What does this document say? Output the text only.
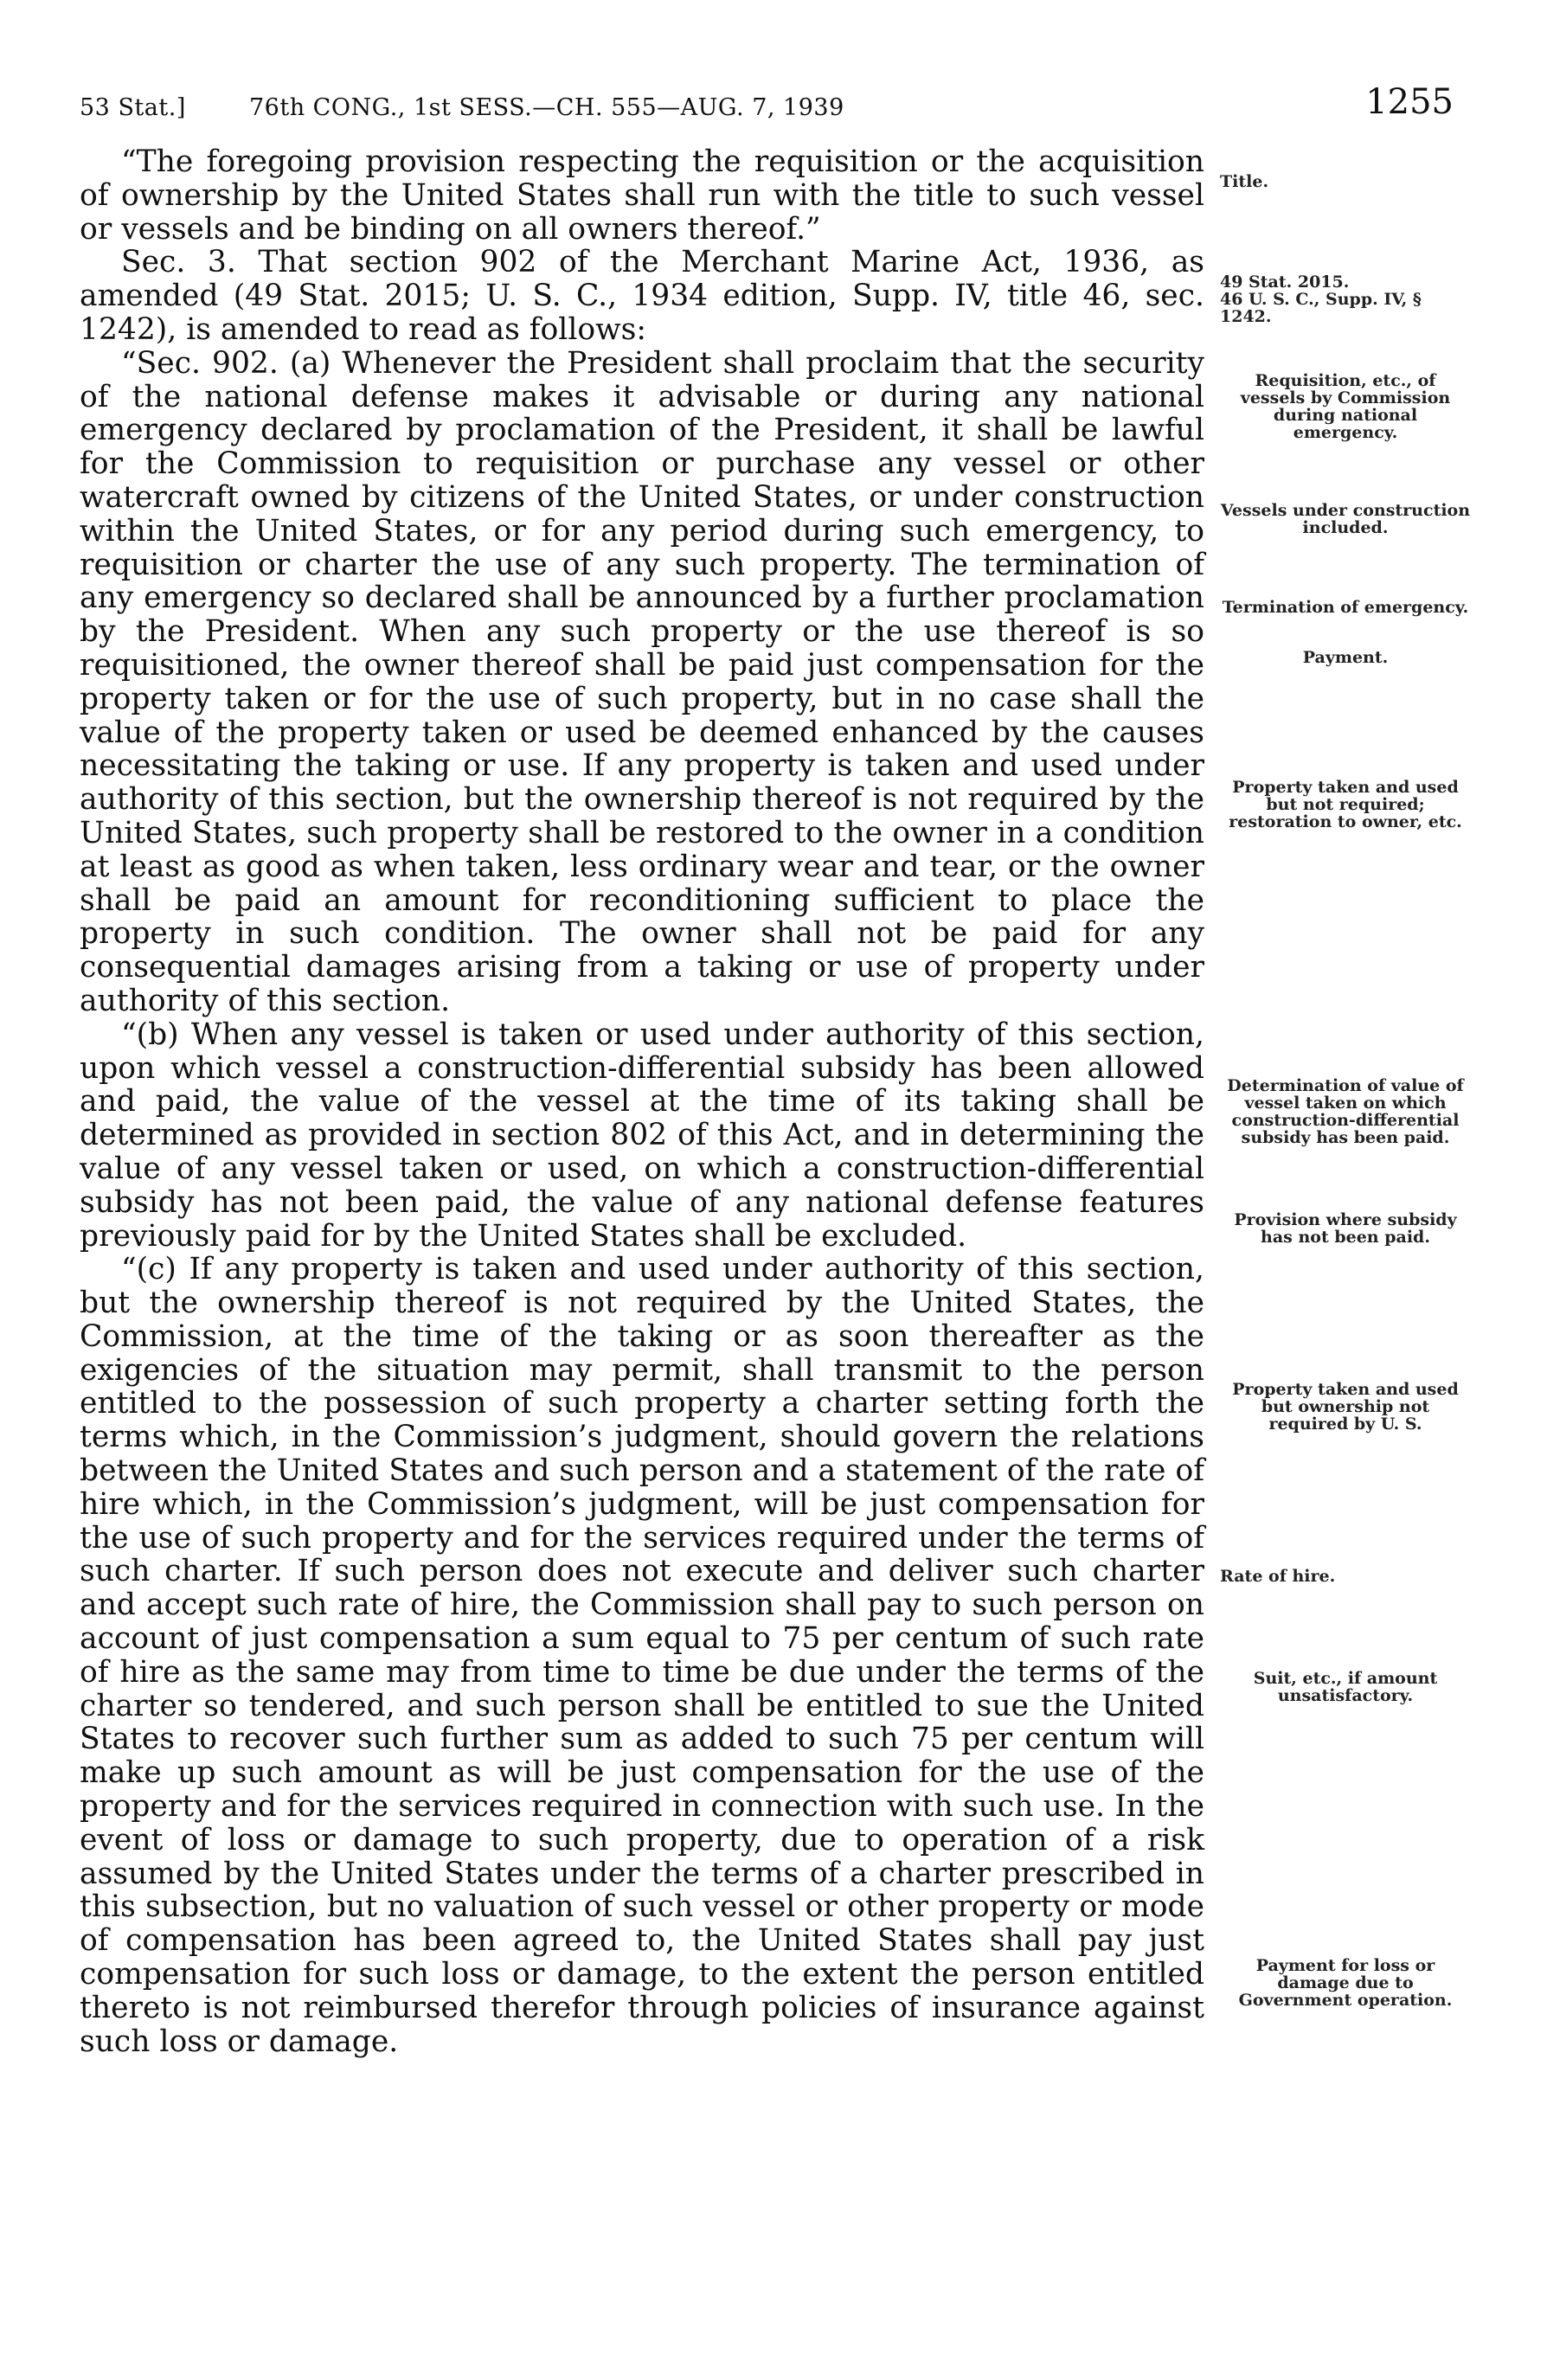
53 Stat.]	76th CONG., 1st SESS.—CH. 555—AUG. 7, 1939	1255

“The foregoing provision respecting the requisition or the acquisition of ownership by the United States shall run with the title to such vessel or vessels and be binding on all owners thereof.”

Sec. 3. That section 902 of the Merchant Marine Act, 1936, as amended (49 Stat. 2015; U. S. C., 1934 edition, Supp. IV, title 46, sec. 1242), is amended to read as follows:

“Sec. 902. (a) Whenever the President shall proclaim that the security of the national defense makes it advisable or during any national emergency declared by proclamation of the President, it shall be lawful for the Commission to requisition or purchase any vessel or other watercraft owned by citizens of the United States, or under construction within the United States, or for any period during such emergency, to requisition or charter the use of any such property. The termination of any emergency so declared shall be announced by a further proclamation by the President. When any such property or the use thereof is so requisitioned, the owner thereof shall be paid just compensation for the property taken or for the use of such property, but in no case shall the value of the property taken or used be deemed enhanced by the causes necessitating the taking or use. If any property is taken and used under authority of this section, but the ownership thereof is not required by the United States, such property shall be restored to the owner in a condition at least as good as when taken, less ordinary wear and tear, or the owner shall be paid an amount for reconditioning sufficient to place the property in such condition. The owner shall not be paid for any consequential damages arising from a taking or use of property under authority of this section.

“(b) When any vessel is taken or used under authority of this section, upon which vessel a construction-differential subsidy has been allowed and paid, the value of the vessel at the time of its taking shall be determined as provided in section 802 of this Act, and in determining the value of any vessel taken or used, on which a construction-differential subsidy has not been paid, the value of any national defense features previously paid for by the United States shall be excluded.

“(c) If any property is taken and used under authority of this section, but the ownership thereof is not required by the United States, the Commission, at the time of the taking or as soon thereafter as the exigencies of the situation may permit, shall transmit to the person entitled to the possession of such property a charter setting forth the terms which, in the Commission’s judgment, should govern the relations between the United States and such person and a statement of the rate of hire which, in the Commission’s judgment, will be just compensation for the use of such property and for the services required under the terms of such charter. If such person does not execute and deliver such charter and accept such rate of hire, the Commission shall pay to such person on account of just compensation a sum equal to 75 per centum of such rate of hire as the same may from time to time be due under the terms of the charter so tendered, and such person shall be entitled to sue the United States to recover such further sum as added to such 75 per centum will make up such amount as will be just compensation for the use of the property and for the services required in connection with such use. In the event of loss or damage to such property, due to operation of a risk assumed by the United States under the terms of a charter prescribed in this subsection, but no valuation of such vessel or other property or mode of compensation has been agreed to, the United States shall pay just compensation for such loss or damage, to the extent the person entitled thereto is not reimbursed therefor through policies of insurance against such loss or damage.

Title.
49 Stat. 2015.
46 U. S. C., Supp. IV, § 1242.
Requisition, etc., of vessels by Commission during national emergency.
Vessels under construction included.
Termination of emergency.
Payment.
Property taken and used but not required; restoration to owner, etc.
Determination of value of vessel taken on which construction-differential subsidy has been paid.
Provision where subsidy has not been paid.
Property taken and used but ownership not required by U. S.
Rate of hire.
Suit, etc., if amount unsatisfactory.
Payment for loss or damage due to Government operation.
